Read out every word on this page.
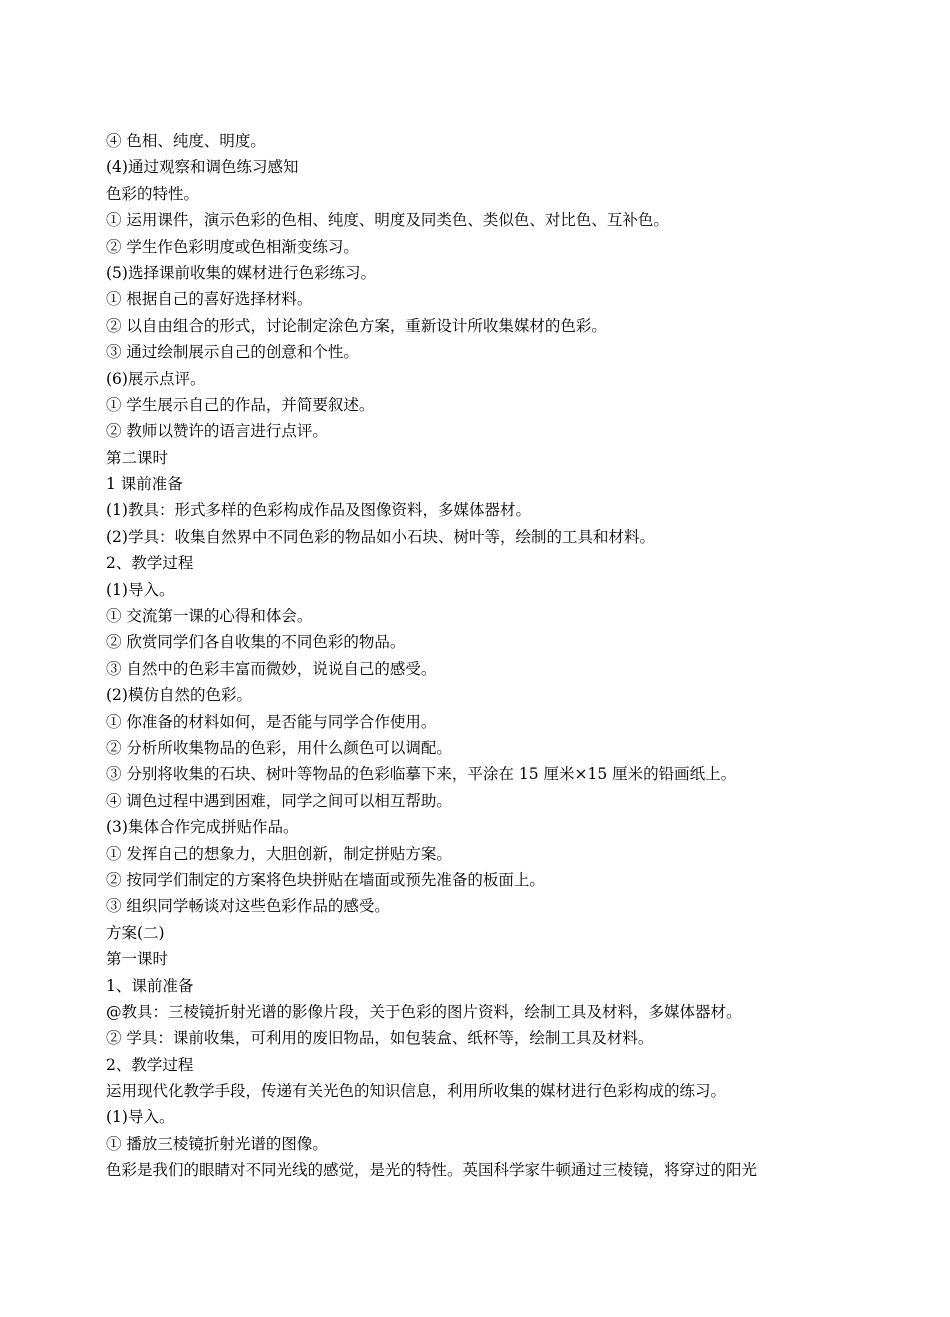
④ 色相、纯度、明度。
(4)通过观察和调色练习感知
色彩的特性。
① 运用课件，演示色彩的色相、纯度、明度及同类色、类似色、对比色、互补色。
② 学生作色彩明度或色相渐变练习。
(5)选择课前收集的媒材进行色彩练习。
① 根据自己的喜好选择材料。
② 以自由组合的形式，讨论制定涂色方案，重新设计所收集媒材的色彩。
③ 通过绘制展示自己的创意和个性。
(6)展示点评。
① 学生展示自己的作品，并简要叙述。
② 教师以赞许的语言进行点评。
第二课时
1 课前准备
(1)教具：形式多样的色彩构成作品及图像资料，多媒体器材。
(2)学具：收集自然界中不同色彩的物品如小石块、树叶等，绘制的工具和材料。
2、教学过程
(1)导入。
① 交流第一课的心得和体会。
② 欣赏同学们各自收集的不同色彩的物品。
③ 自然中的色彩丰富而微妙，说说自己的感受。
(2)模仿自然的色彩。
① 你准备的材料如何，是否能与同学合作使用。
② 分析所收集物品的色彩，用什么颜色可以调配。
③ 分别将收集的石块、树叶等物品的色彩临摹下来，平涂在 15 厘米×15 厘米的铅画纸上。
④ 调色过程中遇到困难，同学之间可以相互帮助。
(3)集体合作完成拼贴作品。
① 发挥自己的想象力，大胆创新，制定拼贴方案。
② 按同学们制定的方案将色块拼贴在墙面或预先准备的板面上。
③ 组织同学畅谈对这些色彩作品的感受。
方案(二)
第一课时
1、课前准备
@教具：三棱镜折射光谱的影像片段，关于色彩的图片资料，绘制工具及材料，多媒体器材。
② 学具：课前收集，可利用的废旧物品，如包装盒、纸杯等，绘制工具及材料。
2、教学过程
运用现代化教学手段，传递有关光色的知识信息，利用所收集的媒材进行色彩构成的练习。
(1)导入。
① 播放三棱镜折射光谱的图像。
色彩是我们的眼睛对不同光线的感觉，是光的特性。英国科学家牛顿通过三棱镜，将穿过的阳光
